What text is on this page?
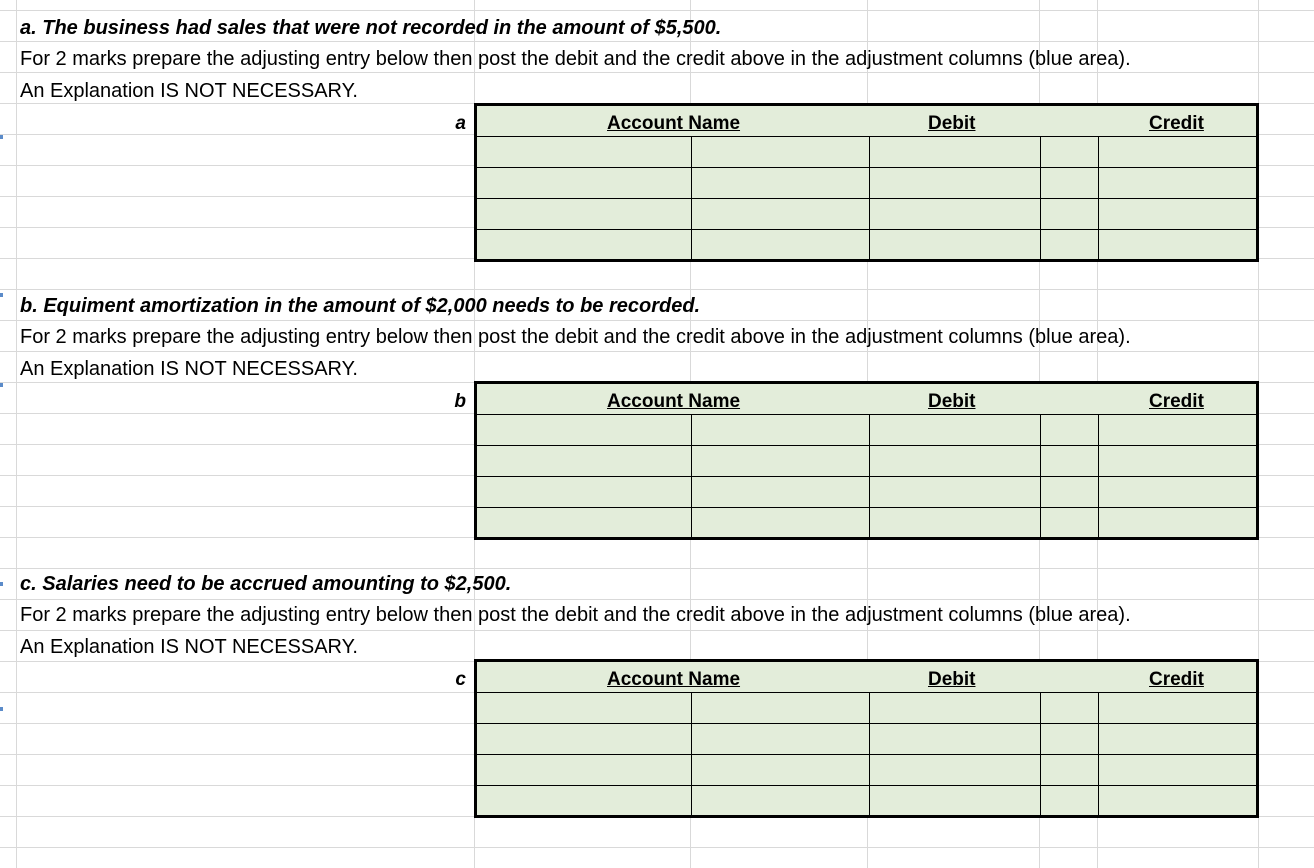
a. The business had sales that were not recorded in the amount of $5,500.
For 2 marks prepare the adjusting entry below then post the debit and the credit above in the adjustment columns (blue area).
An Explanation IS NOT NECESSARY.
a	Account Name	Debit	Credit
b. Equiment amortization in the amount of $2,000 needs to be recorded.
For 2 marks prepare the adjusting entry below then post the debit and the credit above in the adjustment columns (blue area).
An Explanation IS NOT NECESSARY.
b	Account Name	Debit	Credit
c. Salaries need to be accrued amounting to $2,500.
For 2 marks prepare the adjusting entry below then post the debit and the credit above in the adjustment columns (blue area).
An Explanation IS NOT NECESSARY.
c	Account Name	Debit	Credit
